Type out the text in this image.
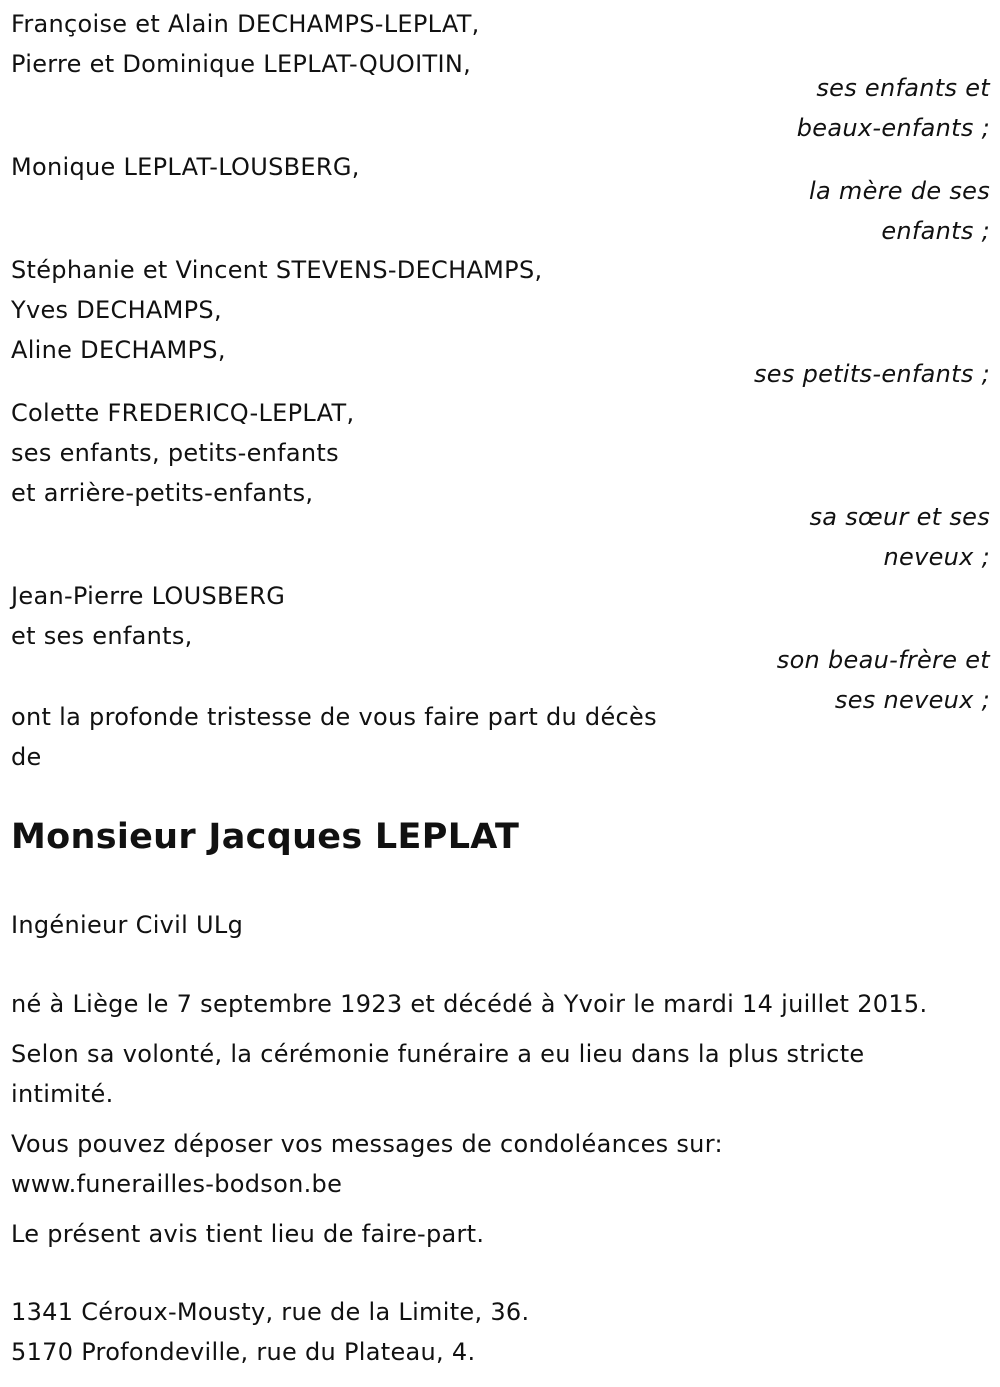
Françoise et Alain DECHAMPS-LEPLAT,
Pierre et Dominique LEPLAT-QUOITIN,
ses enfants et
beaux-enfants ;
Monique LEPLAT-LOUSBERG,
la mère de ses
enfants ;
Stéphanie et Vincent STEVENS-DECHAMPS,
Yves DECHAMPS,
Aline DECHAMPS,
ses petits-enfants ;
Colette FREDERICQ-LEPLAT,
ses enfants, petits-enfants
et arrière-petits-enfants,
sa sœur et ses
neveux ;
Jean-Pierre LOUSBERG
et ses enfants,
son beau-frère et
ses neveux ;
ont la profonde tristesse de vous faire part du décès
de
Monsieur Jacques LEPLAT
Ingénieur Civil ULg
né à Liège le 7 septembre 1923 et décédé à Yvoir le mardi 14 juillet 2015.
Selon sa volonté, la cérémonie funéraire a eu lieu dans la plus stricte
intimité.
Vous pouvez déposer vos messages de condoléances sur:
www.funerailles-bodson.be
Le présent avis tient lieu de faire-part.
1341 Céroux-Mousty, rue de la Limite, 36.
5170 Profondeville, rue du Plateau, 4.
